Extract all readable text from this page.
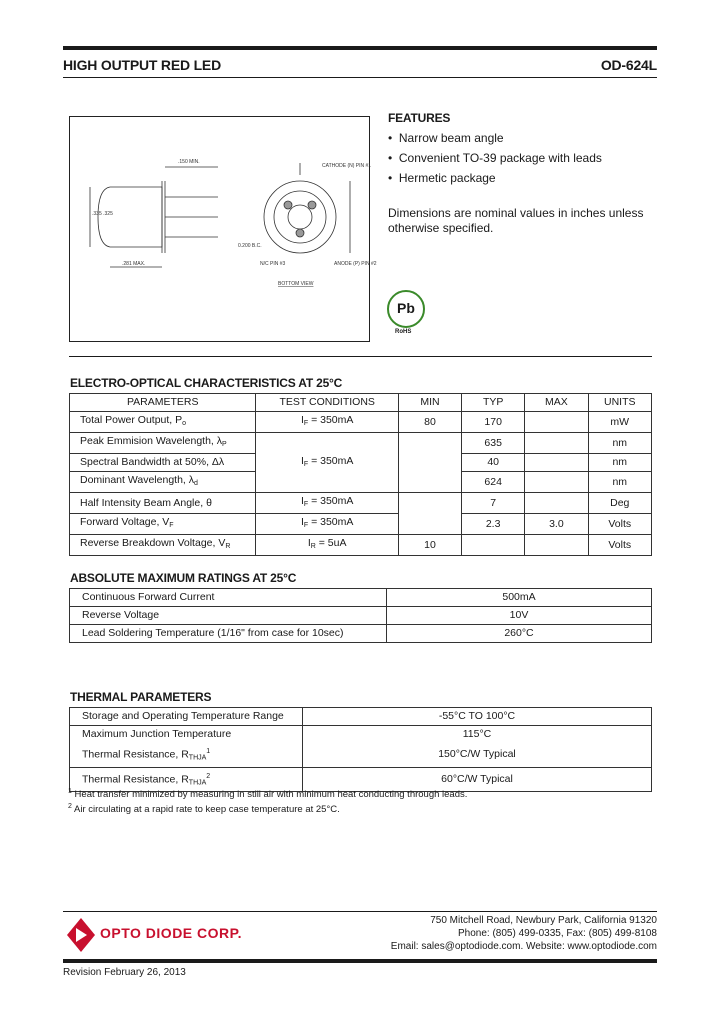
HIGH OUTPUT RED LED	OD-624L
.335 .325
.150 MIN.
.281 MAX.
CATHODE (N) PIN #1
N/C PIN #3	ANODE (P) PIN #2
0.200 B.C.
BOTTOM VIEW
FEATURES
•  Narrow beam angle
•  Convenient TO-39 package with leads
•  Hermetic package
Dimensions are nominal values in inches unless otherwise specified.
Pb
RoHS
ELECTRO-OPTICAL CHARACTERISTICS AT 25°C
PARAMETERS	TEST CONDITIONS	MIN	TYP	MAX	UNITS
Total Power Output, $P_o$	$I_F = 350mA$	80	170		mW
Peak Emmision Wavelength, $\lambda_P$	$I_F = 350mA$		635		nm
Spectral Bandwidth at 50%, Δλ			40		nm
Dominant Wavelength, $\lambda_d$			624		nm
Half Intensity Beam Angle, θ	$I_F = 350mA$		7		Deg
Forward Voltage, $V_F$	$I_F = 350mA$		2.3	3.0	Volts
Reverse Breakdown Voltage, $V_R$	$I_R = 5uA$	10			Volts
ABSOLUTE MAXIMUM RATINGS AT 25°C
Continuous Forward Current	500mA
Reverse Voltage	10V
Lead Soldering Temperature (1/16" from case for 10sec)	260°C
THERMAL PARAMETERS
Storage and Operating Temperature Range	-55°C TO 100°C
Maximum Junction Temperature	115°C
Thermal Resistance, $R_{THJA}^1$	150°C/W Typical
Thermal Resistance, $R_{THJA}^2$	60°C/W Typical
$^1$ Heat transfer minimized by measuring in still air with minimum heat conducting through leads.
$^2$ Air circulating at a rapid rate to keep case temperature at 25°C.
OPTO DIODE CORP.
750 Mitchell Road, Newbury Park, California 91320
Phone: (805) 499-0335, Fax: (805) 499-8108
Email: sales@optodiode.com. Website: www.optodiode.com
Revision February 26, 2013
